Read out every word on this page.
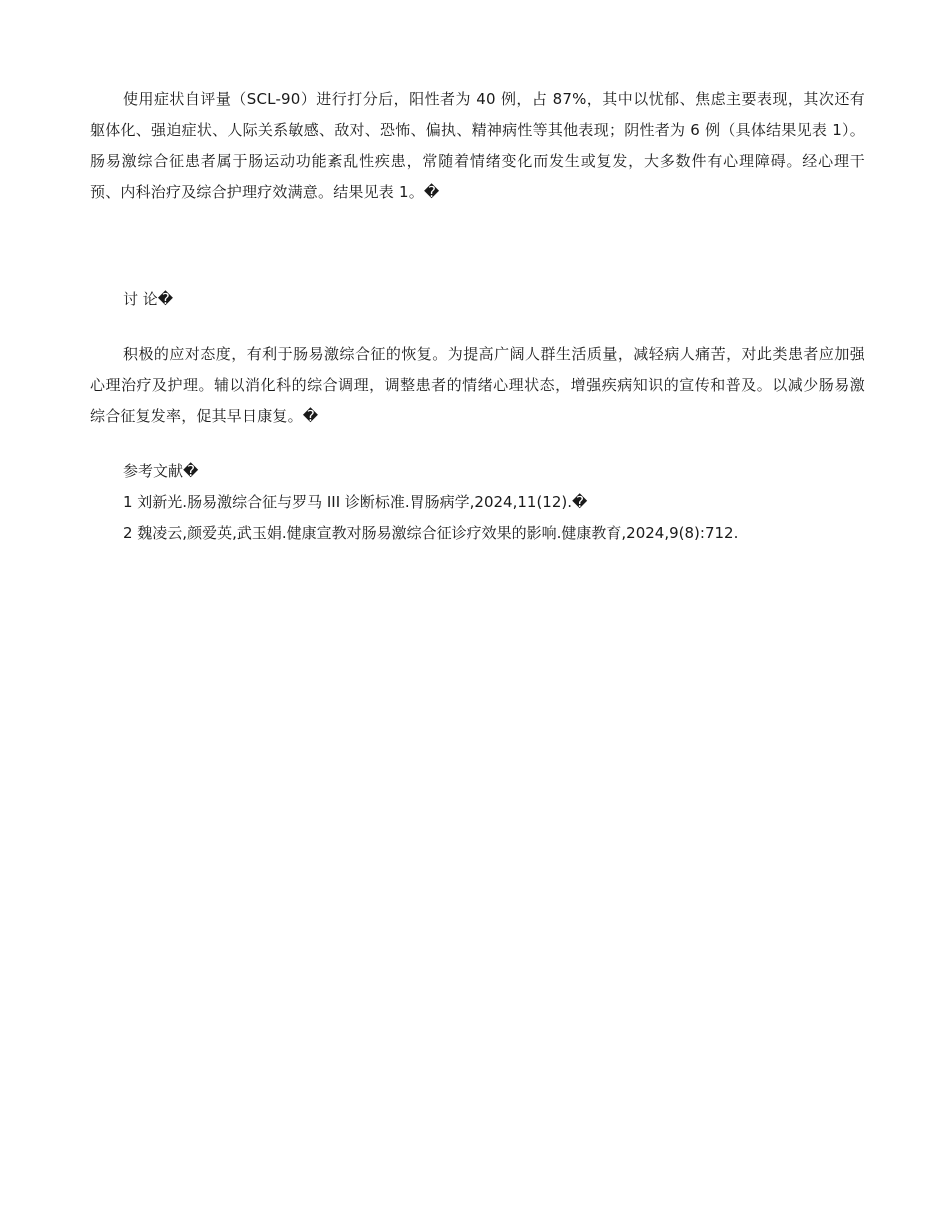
使用症状自评量（SCL-90）进行打分后，阳性者为 40 例，占 87%，其中以忧郁、焦虑主要表现，其次还有躯体化、强迫症状、人际关系敏感、敌对、恐怖、偏执、精神病性等其他表现；阴性者为 6 例（具体结果见表 1）。肠易激综合征患者属于肠运动功能紊乱性疾患，常随着情绪变化而发生或复发，大多数件有心理障碍。经心理干预、内科治疗及综合护理疗效满意。结果见表 1。�

讨 论�

积极的应对态度，有利于肠易激综合征的恢复。为提高广阔人群生活质量，减轻病人痛苦，对此类患者应加强心理治疗及护理。辅以消化科的综合调理，调整患者的情绪心理状态，增强疾病知识的宣传和普及。以减少肠易激综合征复发率，促其早日康复。�

参考文献�

1 刘新光.肠易激综合征与罗马 III 诊断标准.胃肠病学,2024,11(12).�

2 魏凌云,颜爱英,武玉娟.健康宣教对肠易激综合征诊疗效果的影响.健康教育,2024,9(8):712.
